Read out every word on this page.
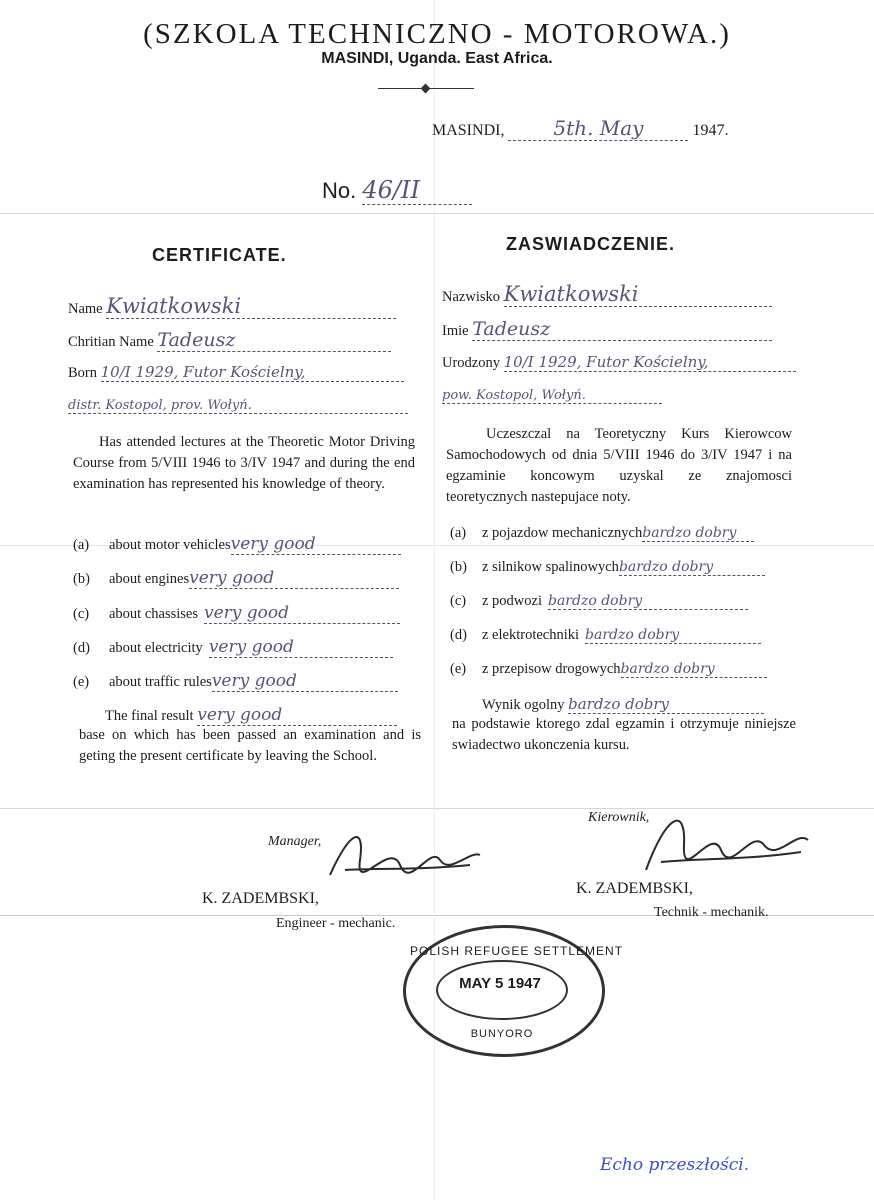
(SZKOLA TECHNICZNO - MOTOROWA.)
MASINDI, Uganda. East Africa.
MASINDI, 5th. May	1947.
No. 46/II
CERTIFICATE.
Name Kwiatkowski
Chritian Name Tadeusz
Born 10/I 1929, Futor Kościelny,
distr. Kostopol, prov. Wołyń.
Has attended lectures at the Theoretic Motor Driving Course from 5/VIII 1946 to 3/IV 1947 and during the end examination has represented his knowledge of theory.
(a) about motor vehiclesvery good
(b) about enginesvery good
(c) about chassises very good
(d) about electricity very good
(e) about traffic rulesvery good
The final result very good
base on which has been passed an examination and is geting the present certificate by leaving the School.
ZASWIADCZENIE.
Nazwisko Kwiatkowski
Imie Tadeusz
Urodzony 10/I 1929, Futor Kościelny,
pow. Kostopol, Wołyń.
Uczeszczal na Teoretyczny Kurs Kierowcow Samochodowych od dnia 5/VIII 1946 do 3/IV 1947 i na egzaminie koncowym uzyskal ze znajomosci teoretycznych nastepujace noty.
(a) z pojazdow mechanicznychbardzo dobry
(b) z silnikow spalinowychbardzo dobry
(c) z podwozi bardzo dobry
(d) z elektrotechniki bardzo dobry
(e) z przepisow drogowychbardzo dobry
Wynik ogolny bardzo dobry
na podstawie ktorego zdal egzamin i otrzymuje niniejsze swiadectwo ukonczenia kursu.
Manager,
Kierownik,
K. ZADEMBSKI,
K. ZADEMBSKI,
Engineer - mechanic.
Technik - mechanik.
POLISH REFUGEE SETTLEMENT
MAY 5 1947
BUNYORO
Echo przeszłości.
